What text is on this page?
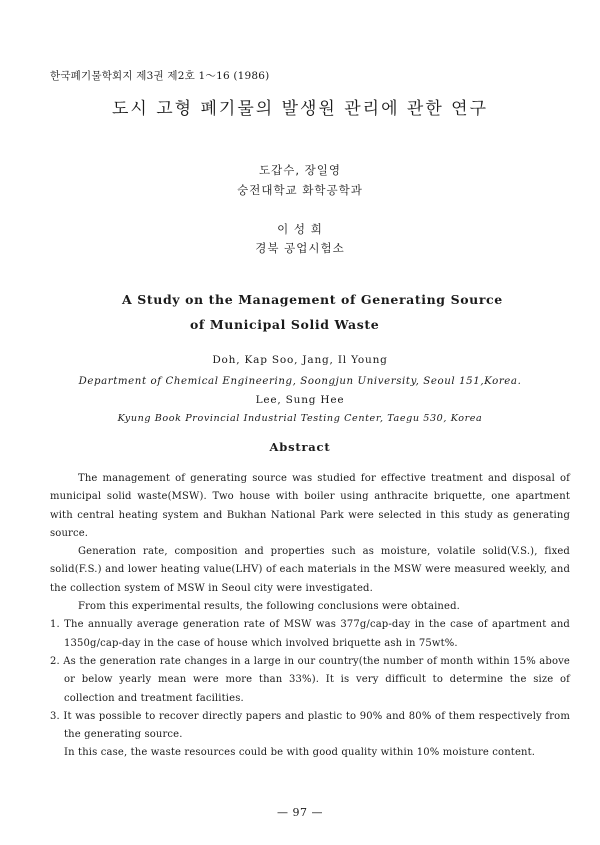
한국폐기물학회지 제3권 제2호 1～16 (1986)
도시 고형 폐기물의 발생원 관리에 관한 연구
도갑수, 장일영
숭전대학교 화학공학과
이 성 희
경북 공업시험소
A Study on the Management of Generating Source
of Municipal Solid Waste
Doh, Kap Soo, Jang, Il Young
Department of Chemical Engineering, Soongjun University, Seoul 151,Korea.
Lee, Sung Hee
Kyung Book Provincial Industrial Testing Center, Taegu 530, Korea
Abstract

The management of generating source was studied for effective treatment and disposal of municipal solid waste(MSW). Two house with boiler using anthracite briquette, one apartment with central heating system and Bukhan National Park were selected in this study as generating source.

Generation rate, composition and properties such as moisture, volatile solid(V.S.), fixed solid(F.S.) and lower heating value(LHV) of each materials in the MSW were measured weekly, and the collection system of MSW in Seoul city were investigated.

From this experimental results, the following conclusions were obtained.

1. The annually average generation rate of MSW was 377g/cap-day in the case of apartment and 1350g/cap-day in the case of house which involved briquette ash in 75wt%.

2. As the generation rate changes in a large in our country(the number of month within 15% above or below yearly mean were more than 33%). It is very difficult to determine the size of collection and treatment facilities.

3. It was possible to recover directly papers and plastic to 90% and 80% of them respectively from the generating source.

In this case, the waste resources could be with good quality within 10% moisture content.

— 97 —
